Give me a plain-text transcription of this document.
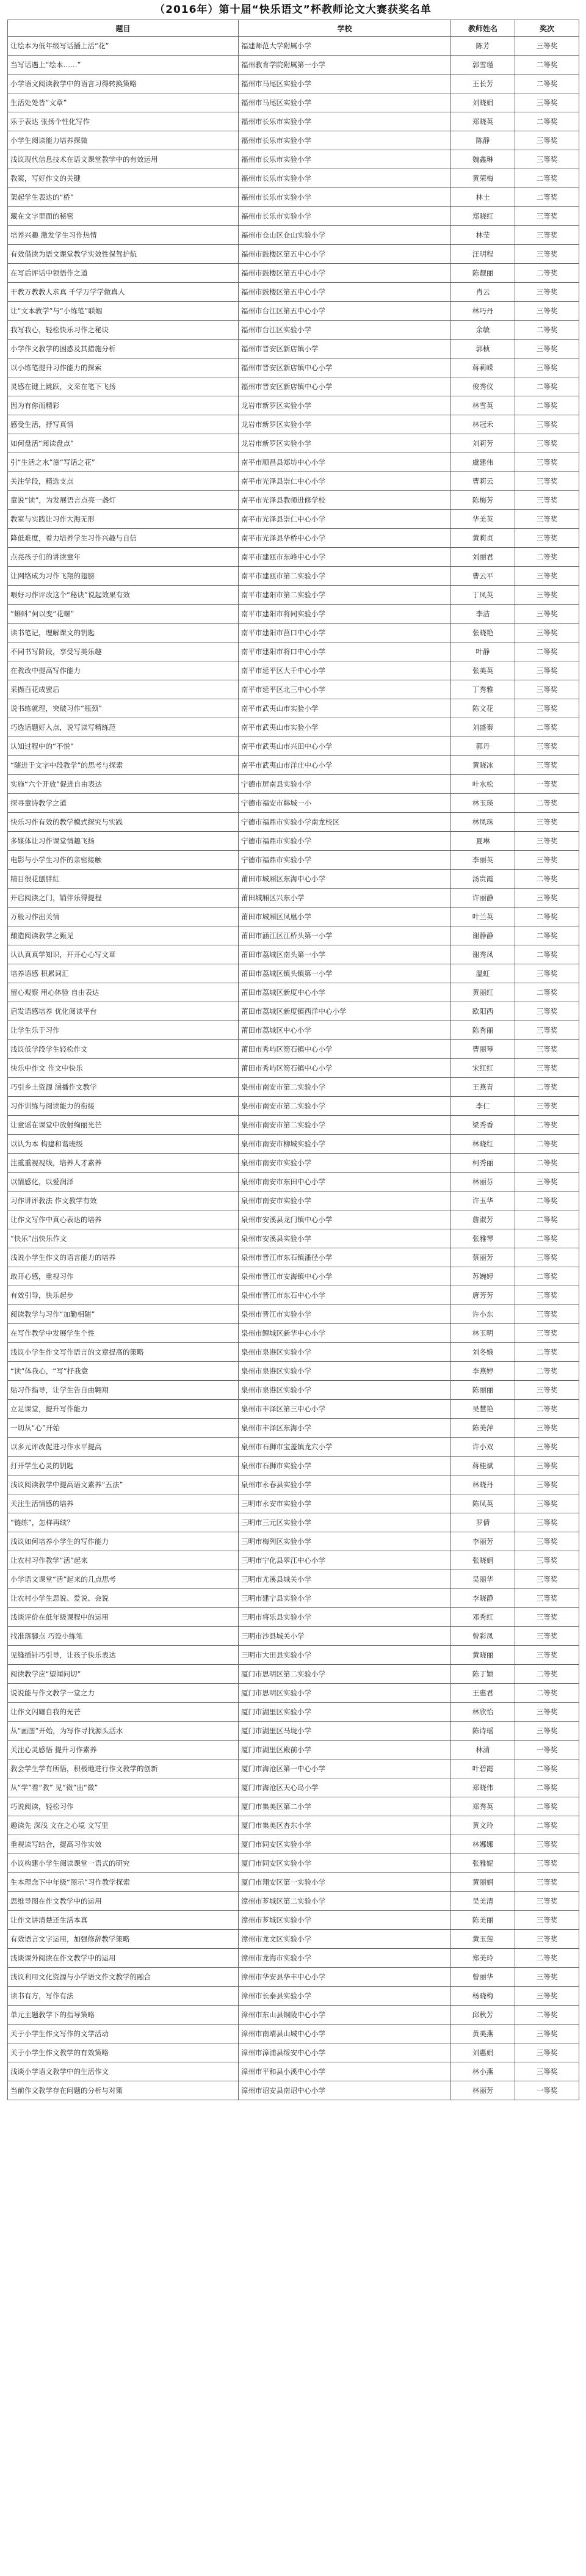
（2016年）第十届“快乐语文”杯教师论文大赛获奖名单
题目	学校	教师姓名	奖次
让绘本为低年级写话插上活“花”	福建师范大学附属小学	陈芳	三等奖
当写话遇上“绘本……”	福州教育学院附属第一小学	郭雪瑾	二等奖
小学语文阅读教学中的语言习得转换策略	福州市马尾区实验小学	王长芳	二等奖
生活处处皆“文章”	福州市马尾区实验小学	刘晓娟	三等奖
乐于表达 张扬个性化写作	福州市长乐市实验小学	郑晓英	二等奖
小学生阅读能力培养探微	福州市长乐市实验小学	陈静	三等奖
浅议现代信息技术在语文课堂教学中的有效运用	福州市长乐市实验小学	魏鑫琳	三等奖
教案，写好作文的关键	福州市长乐市实验小学	黄荣梅	二等奖
架起学生表达的“桥”	福州市长乐市实验小学	林土	二等奖
藏在文字里面的秘密	福州市长乐市实验小学	郑晓红	三等奖
培养兴趣 激发学生习作热情	福州市仓山区仓山实验小学	林莹	三等奖
有效借读为语文课堂教学实效性保驾护航	福州市鼓楼区第五中心小学	汪明程	三等奖
在写后评话中领悟作之道	福州市鼓楼区第五中心小学	陈靓丽	二等奖
干教万教教人求真 千学万学学做真人	福州市鼓楼区第五中心小学	肖云	三等奖
让“文本教学”与“小练笔”联姻	福州市台江区第五中心小学	林巧丹	三等奖
我写我心，轻松快乐习作之秘诀	福州市台江区实验小学	余敏	二等奖
小学作文教学的困惑及其措施分析	福州市晋安区新店镇小学	郭桢	三等奖
以小练笔提升习作能力的探索	福州市晋安区新店镇中心小学	蒋莉嵘	三等奖
灵感在键上跳跃，文采在笔下飞扬	福州市晋安区新店镇中心小学	俊秀仪	二等奖
因为有你而精彩	龙岩市新罗区实验小学	林雪英	二等奖
感受生活，抒写真情	龙岩市新罗区实验小学	林冠禾	三等奖
如何盘活“阅读盘点”	龙岩市新罗区实验小学	刘莉芳	三等奖
引“生活之水”滋“写话之花”	南平市顺昌县郑坊中心小学	虞建伟	三等奖
关注学段，精选支点	南平市光泽县崇仁中心小学	曹莉云	三等奖
童说“读”，为发展语言点亮一盏灯	南平市光泽县教师进修学校	陈梅芳	三等奖
教室与实践让习作大海无形	南平市光泽县崇仁中心小学	华美英	三等奖
降低难度，着力培养学生习作兴趣与自信	南平市光泽县华桥中心小学	黄莉贞	三等奖
点亮孩子们的讲读童年	南平市建瓯市东峰中心小学	刘丽君	二等奖
让网络成为习作飞翔的翅膀	南平市建瓯市第二实验小学	曹云平	三等奖
喂好习作评改这个“秘诀”说起效果有效	南平市建阳市第二实验小学	丁凤英	三等奖
“蝌蚪”何以变“花螺”	南平市建阳市将同实验小学	李洁	三等奖
读书笔记，理解课文的钥匙	南平市建阳市莒口中心小学	张晓艳	三等奖
不同书写阶段，享受写美乐趣	南平市建阳市将口中心小学	叶静	二等奖
在教改中提高写作能力	南平市延平区大千中心小学	张美英	三等奖
采撷百花成蜜后	南平市延平区北三中心小学	丁秀雅	三等奖
说书练就理，突破习作“瓶颈”	南平市武夷山市实验小学	陈文花	三等奖
巧选话题好入点，说写读写精练范	南平市武夷山市实验小学	刘盛秦	二等奖
认知过程中的“不悦”	南平市武夷山市兴田中心小学	郭丹	三等奖
“随进于文字中段教学”的思考与探索	南平市武夷山市洋庄中心小学	黄晓冰	三等奖
实施“六个开放”促进自由表达	宁德市屏南县实验小学	叶水松	一等奖
探寻童诗教学之道	宁德市福安市韩城一小	林玉瑛	二等奖
快乐习作有效的教学模式探究与实践	宁德市福鼎市实验小学南龙校区	林凤珠	三等奖
多媒体让习作课堂情趣飞扬	宁德市福鼎市实验小学	夏琳	三等奖
电影与小学生习作的亲密接触	宁德市福鼎市实验小学	李丽英	三等奖
精目很花刨胖紅	莆田市城厢区东海中心小学	汤贵霞	二等奖
开启阅读之门，销伴乐得提程	莆田城厢区兴东小学	许丽静	三等奖
万般习作出关情	莆田市城厢区凤凰小学	叶兰英	二等奖
酿造阅读教学之甄见	莆田市涵江区江桥头第一小学	谢静静	二等奖
认认真真学知识，开开心心写文章	莆田市荔城区南头第一小学	谢秀凤	二等奖
培养语感 积累词汇	莆田市荔城区镇头镇第一小学	温虹	三等奖
留心观察 用心体验 自由表达	莆田市荔城区新度中心小学	黄丽红	二等奖
启发语感培养 优化阅读平台	莆田市荔城区新度镇西洋中心小学	欧阳西	三等奖
让学生乐于习作	莆田市荔城区中心小学	陈秀丽	三等奖
浅议低学段学生轻松作文	莆田市秀屿区笏石镇中心小学	曹丽琴	三等奖
快乐中作文 作文中快乐	莆田市秀屿区笏石镇中心小学	宋红红	三等奖
巧引乡土资源 涵播作文教学	泉州市南安市第二实验小学	王燕青	二等奖
习作训练与阅读能力的衔接	泉州市南安市第二实验小学	李仁	三等奖
让童谣在课堂中放射绚丽光芒	泉州市南安市第二实验小学	梁秀香	二等奖
以认为本 构建和谐班级	泉州市南安市柳城实验小学	林晓红	二等奖
注重重视视线，培养人才素养	泉州市南安市实验小学	柯秀丽	二等奖
以情感化，以爱润泽	泉州市南安市东田中心小学	林丽芬	三等奖
习作讲评教法 作文教学有效	泉州市南安市实验小学	许玉华	二等奖
让作文写作中真心表达的培养	泉州市安溪县龙门镇中心小学	詹淑芳	二等奖
“快乐”出快乐作文	泉州市安溪县实验小学	张雅琴	二等奖
浅说小学生作文的语言能力的培养	泉州市晋江市东石镇潘径小学	蔡丽芳	三等奖
敢开心感，重视习作	泉州市晋江市安海镇中心小学	苏婉婷	二等奖
有效引导，快乐起步	泉州市晋江市东石中心小学	唐芳芳	三等奖
阅读教学与习作“加勤相随”	泉州市晋江市实验小学	许小东	三等奖
在写作教学中发展学生个性	泉州市鲤城区新华中心小学	林玉明	三等奖
浅议小学生作文写作语言的文章提高的策略	泉州市泉港区实验小学	刘冬娥	二等奖
“读”体我心，“写”抒我意	泉州市泉港区实验小学	李燕婷	二等奖
贴习作指导，让学生告自由翱翔	泉州市泉港区实验小学	陈丽丽	三等奖
立足课堂，提升写作能力	泉州市丰泽区第三中心小学	吴慧艳	二等奖
一切从“心”开始	泉州市丰泽区东海小学	陈美萍	三等奖
以多元评改促进习作水平提高	泉州市石狮市宝盖镇龙穴小学	许小双	三等奖
打开学生心灵的钥匙	泉州市石狮市实验小学	蒋桂斌	三等奖
浅议阅读教学中提高语文素养“五法”	泉州市永春县实验小学	林晓丹	三等奖
关注生活情感的培养	三明市永安市实验小学	陈凤英	三等奖
“链练”，怎样再续？	三明市三元区实验小学	罗倩	三等奖
浅议如何培养小学生的写作能力	三明市梅列区实验小学	李丽芳	三等奖
让农村习作教学“活”起来	三明市宁化县翠江中心小学	张晓娟	三等奖
小学语文课堂“活”起来的几点思考	三明市尤溪县城关小学	吴丽华	三等奖
让农村小学生思说、爱说、会说	三明市建宁县实验小学	李晓静	三等奖
浅谈评价在低年级课程中的运用	三明市将乐县实验小学	邓秀红	三等奖
找准落脚点 巧设小练笔	三明市沙县城关小学	曾彩凤	三等奖
见缝插针巧引导，让孩子快乐表达	三明市大田县实验小学	黄晓丽	三等奖
阅读教学应“望闻问切”	厦门市思明区第二实验小学	陈丁颖	二等奖
说说能与作文教学一堂之力	厦门市思明区实验小学	王惠君	二等奖
让作文闪耀自我的光芒	厦门市湖里区实验小学	林欣怡	三等奖
从“画图”开始，为写作寻找源头活水	厦门市湖里区马垅小学	陈诗瑶	三等奖
关注心灵感悟 提升习作素养	厦门市湖里区殿前小学	林清	一等奖
教会学生学有所悟，积极地进行作文教学的创新	厦门市海沧区第一中心小学	叶碧霞	二等奖
从“学”看“教” 见“微”出“微”	厦门市海沧区天心岛小学	郑晓伟	二等奖
巧说阅读，轻松习作	厦门市集美区第二小学	郑秀英	二等奖
趣读先 深浅 文在之心境 文写里	厦门市集美区杏东小学	黄文玲	二等奖
重视读写结合，提高习作实效	厦门市同安区实验小学	林娜娜	三等奖
小议构建小学生阅读课堂一语式的研究	厦门市同安区实验小学	张雅妮	三等奖
生本理念下中年级“图示”习作教学探索	厦门市翔安区第一实验小学	黄丽娟	三等奖
思维导图在作文教学中的运用	漳州市芗城区第二实验小学	吴美清	三等奖
让作文讲清楚还生活本真	漳州市芗城区实验小学	陈美丽	三等奖
有效语言文字运用，加强修辞教学策略	漳州市龙文区实验小学	黄玉莲	三等奖
浅谈课外阅读在作文教学中的运用	漳州市龙海市实验小学	郑美玲	二等奖
浅议利用文化资源与小学语文作文教学的融合	漳州市华安县华丰中心小学	曾丽华	三等奖
读书有方，写作有法	漳州市长泰县实验小学	杨晓梅	三等奖
单元主题教学下的指导策略	漳州市东山县铜陵中心小学	邱秋芳	二等奖
关于小学生作文写作的文学活动	漳州市南靖县山城中心小学	黄美燕	三等奖
关于小学生作文教学的有效策略	漳州市漳浦县绥安中心小学	刘惠娟	三等奖
浅谈小学语文教学中的生活作文	漳州市平和县小溪中心小学	林小燕	三等奖
当前作文教学存在问题的分析与对策	漳州市诏安县南诏中心小学	林丽芳	一等奖
